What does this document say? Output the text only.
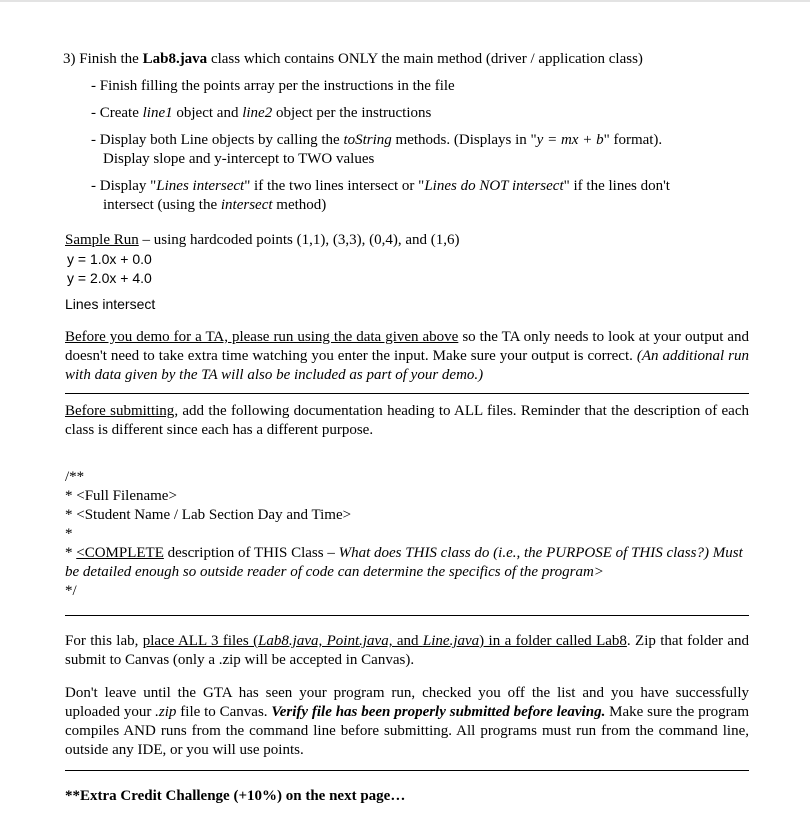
3) Finish the Lab8.java class which contains ONLY the main method (driver / application class)
- Finish filling the points array per the instructions in the file
- Create line1 object and line2 object per the instructions
- Display both Line objects by calling the toString methods. (Displays in "y = mx + b" format).
Display slope and y-intercept to TWO values
- Display "Lines intersect" if the two lines intersect or "Lines do NOT intersect" if the lines don't
intersect (using the intersect method)
Sample Run – using hardcoded points (1,1), (3,3), (0,4), and (1,6)
y = 1.0x + 0.0
y = 2.0x + 4.0
Lines intersect
Before you demo for a TA, please run using the data given above so the TA only needs to look at your output and doesn't need to take extra time watching you enter the input. Make sure your output is correct. (An additional run with data given by the TA will also be included as part of your demo.)
Before submitting, add the following documentation heading to ALL files. Reminder that the description of each class is different since each has a different purpose.
/**
* <Full Filename>
* <Student Name / Lab Section Day and Time>
*
* <COMPLETE description of THIS Class – What does THIS class do (i.e., the PURPOSE of THIS class?) Must be detailed enough so outside reader of code can determine the specifics of the program>
*/
For this lab, place ALL 3 files (Lab8.java, Point.java, and Line.java) in a folder called Lab8. Zip that folder and submit to Canvas (only a .zip will be accepted in Canvas).
Don't leave until the GTA has seen your program run, checked you off the list and you have successfully uploaded your .zip file to Canvas. Verify file has been properly submitted before leaving. Make sure the program compiles AND runs from the command line before submitting. All programs must run from the command line, outside any IDE, or you will use points.
**Extra Credit Challenge (+10%) on the next page…
